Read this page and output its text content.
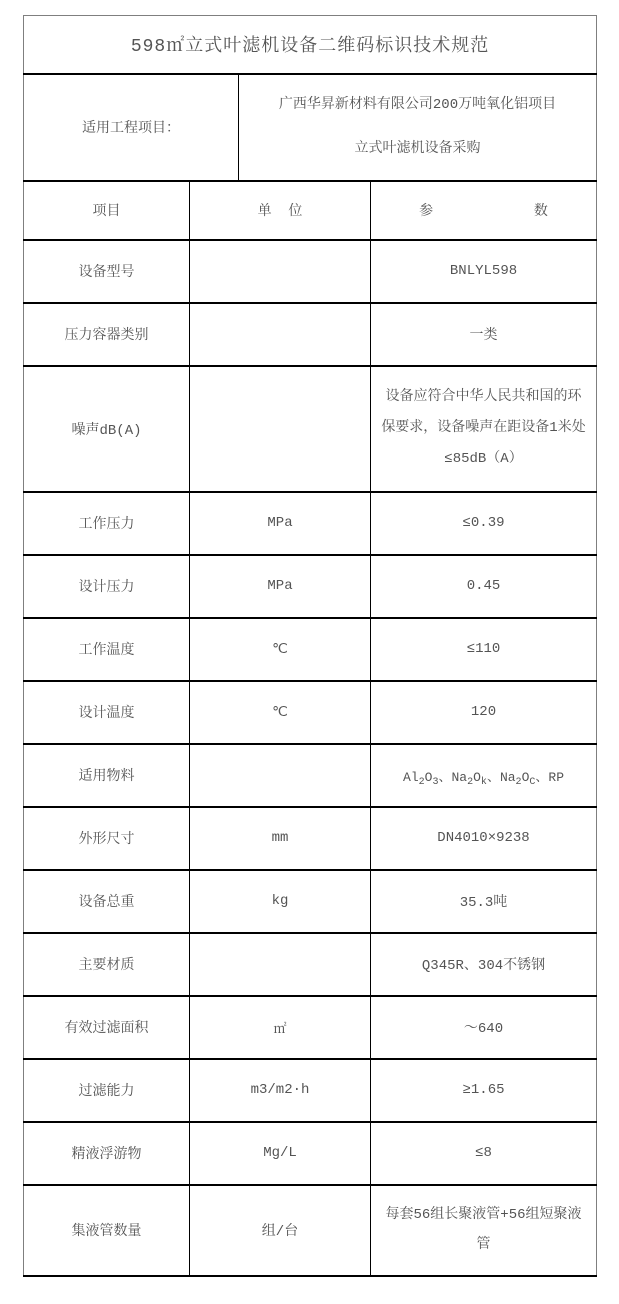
598㎡立式叶滤机设备二维码标识技术规范			
适用工程项目：		广西华昇新材料有限公司200万吨氧化铝项目
立式叶滤机设备采购	

项目	单  位		参            数
设备型号			BNLYL598
压力容器类别			一类
噪声dB(A)			设备应符合中华人民共和国的环保要求，设备噪声在距设备1米处≤85dB（A）
工作压力	MPa		≤0.39
设计压力	MPa		0.45
工作温度	℃		≤110
设计温度	℃		120
适用物料			$Al_2O_3$、$Na_2O_k$、$Na_2O_C$、RP
外形尺寸	mm		DN4010×9238
设备总重	kg		35.3吨
主要材质			Q345R、304不锈钢
有效过滤面积	㎡		～640
过滤能力	m3/m2·h		≥1.65
精液浮游物	Mg/L		≤8
集液管数量	组/台		每套56组长聚液管+56组短聚液管
